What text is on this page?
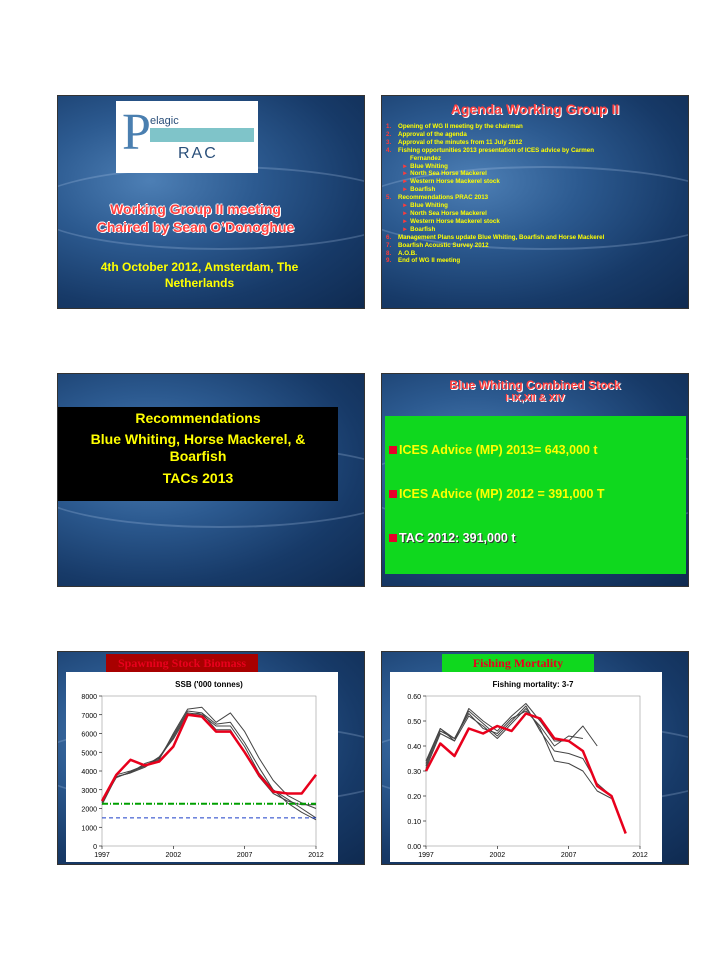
P elagic
RAC
Working Group II meeting
Chaired by Sean O’Donoghue
4th October 2012, Amsterdam, The
Netherlands
Agenda Working Group II
1.	Opening of WG II meeting by the chairman
2.	Approval of the agenda
3.	Approval of the minutes from 11 July 2012
4.	Fishing opportunities 2013 presentation of ICES advice by Carmen
Fernandez
► Blue Whiting
► North Sea Horse Mackerel
► Western Horse Mackerel stock
► Boarfish
5.	Recommendations PRAC 2013
► Blue Whiting
► North Sea Horse Mackerel
► Western Horse Mackerel stock
► Boarfish
6.	Management Plans update Blue Whiting, Boarfish and Horse Mackerel
7.	Boarfish Acoustic Survey 2012
8.	A.O.B.
9.	End of WG II meeting
Recommendations
Blue Whiting, Horse Mackerel, &
Boarfish
TACs 2013
Blue Whiting Combined Stock
I-IX,XII & XIV
ICES Advice (MP) 2013= 643,000 t
ICES Advice (MP) 2012 = 391,000 T
TAC 2012: 391,000 t
Spawning Stock Biomass
SSB ('000 tonnes)
0
1000
2000
3000
4000
5000
6000
7000
8000
1997	2002	2007	2012
Fishing Mortality
Fishing mortality: 3-7
0.00
0.10
0.20
0.30
0.40
0.50
0.60
1997	2002	2007	2012
